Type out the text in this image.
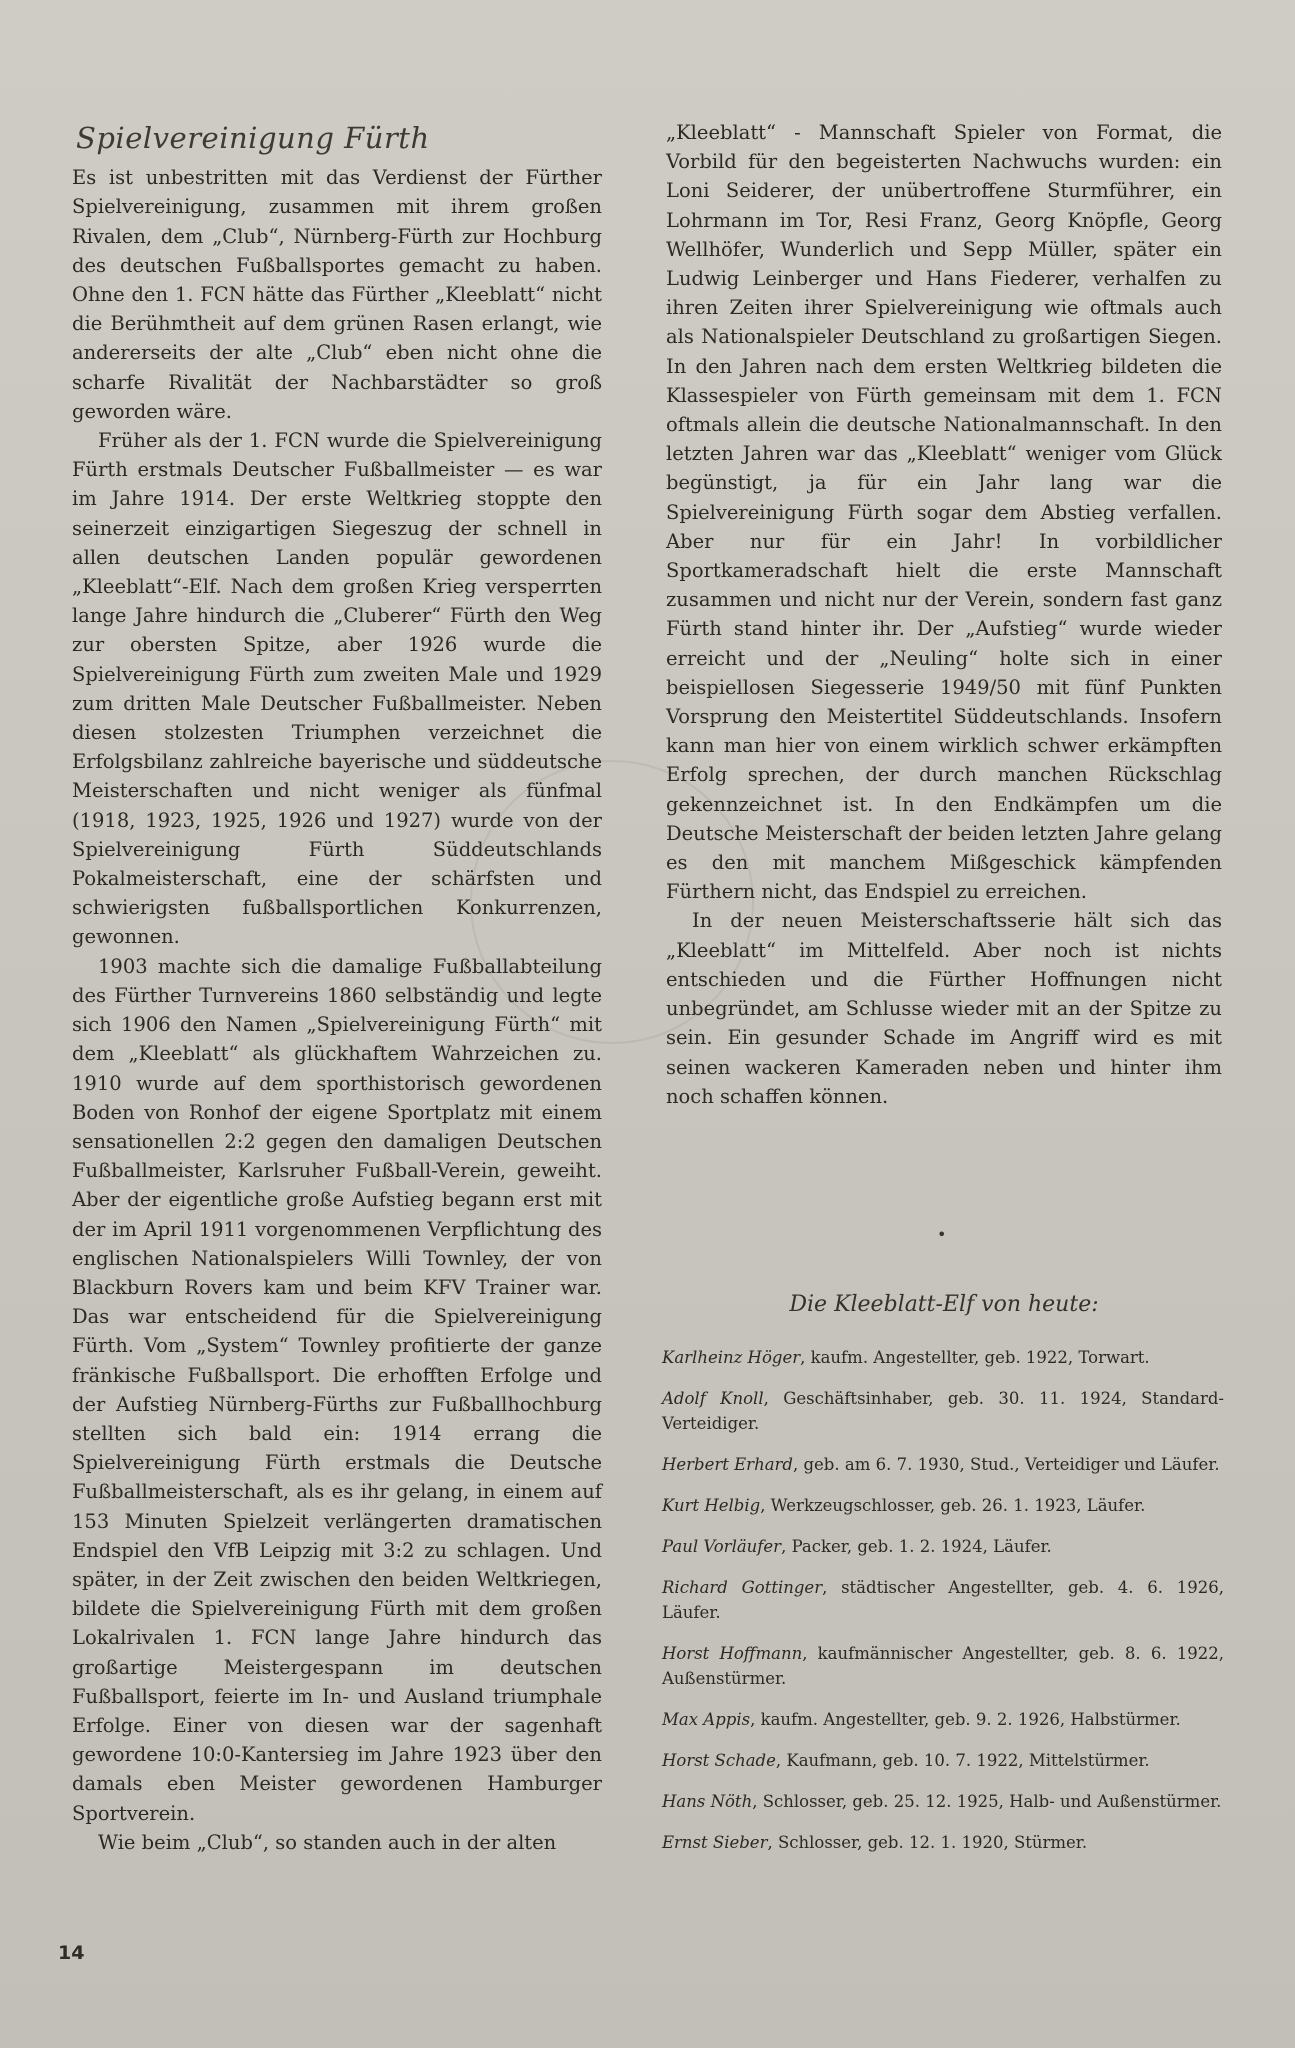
Spielvereinigung Fürth

Es ist unbestritten mit das Verdienst der Fürther Spielvereinigung, zusammen mit ihrem großen Rivalen, dem „Club“, Nürnberg-Fürth zur Hochburg des deutschen Fußballsportes gemacht zu haben. Ohne den 1. FCN hätte das Fürther „Kleeblatt“ nicht die Berühmtheit auf dem grünen Rasen erlangt, wie andererseits der alte „Club“ eben nicht ohne die scharfe Rivalität der Nachbarstädter so groß geworden wäre.

Früher als der 1. FCN wurde die Spielvereinigung Fürth erstmals Deutscher Fußballmeister — es war im Jahre 1914. Der erste Weltkrieg stoppte den seinerzeit einzigartigen Siegeszug der schnell in allen deutschen Landen populär gewordenen „Kleeblatt“-Elf. Nach dem großen Krieg versperrten lange Jahre hindurch die „Cluberer“ Fürth den Weg zur obersten Spitze, aber 1926 wurde die Spielvereinigung Fürth zum zweiten Male und 1929 zum dritten Male Deutscher Fußballmeister. Neben diesen stolzesten Triumphen verzeichnet die Erfolgsbilanz zahlreiche bayerische und süddeutsche Meisterschaften und nicht weniger als fünfmal (1918, 1923, 1925, 1926 und 1927) wurde von der Spielvereinigung Fürth Süddeutschlands Pokalmeisterschaft, eine der schärfsten und schwierigsten fußballsportlichen Konkurrenzen, gewonnen.

1903 machte sich die damalige Fußballabteilung des Fürther Turnvereins 1860 selbständig und legte sich 1906 den Namen „Spielvereinigung Fürth“ mit dem „Kleeblatt“ als glückhaftem Wahrzeichen zu. 1910 wurde auf dem sporthistorisch gewordenen Boden von Ronhof der eigene Sportplatz mit einem sensationellen 2:2 gegen den damaligen Deutschen Fußballmeister, Karlsruher Fußball-Verein, geweiht. Aber der eigentliche große Aufstieg begann erst mit der im April 1911 vorgenommenen Verpflichtung des englischen Nationalspielers Willi Townley, der von Blackburn Rovers kam und beim KFV Trainer war. Das war entscheidend für die Spielvereinigung Fürth. Vom „System“ Townley profitierte der ganze fränkische Fußballsport. Die erhofften Erfolge und der Aufstieg Nürnberg-Fürths zur Fußballhochburg stellten sich bald ein: 1914 errang die Spielvereinigung Fürth erstmals die Deutsche Fußballmeisterschaft, als es ihr gelang, in einem auf 153 Minuten Spielzeit verlängerten dramatischen Endspiel den VfB Leipzig mit 3:2 zu schlagen. Und später, in der Zeit zwischen den beiden Weltkriegen, bildete die Spielvereinigung Fürth mit dem großen Lokalrivalen 1. FCN lange Jahre hindurch das großartige Meistergespann im deutschen Fußballsport, feierte im In- und Ausland triumphale Erfolge. Einer von diesen war der sagenhaft gewordene 10:0-Kantersieg im Jahre 1923 über den damals eben Meister gewordenen Hamburger Sportverein.

Wie beim „Club“, so standen auch in der alten

„Kleeblatt“ - Mannschaft Spieler von Format, die Vorbild für den begeisterten Nachwuchs wurden: ein Loni Seiderer, der unübertroffene Sturmführer, ein Lohrmann im Tor, Resi Franz, Georg Knöpfle, Georg Wellhöfer, Wunderlich und Sepp Müller, später ein Ludwig Leinberger und Hans Fiederer, verhalfen zu ihren Zeiten ihrer Spielvereinigung wie oftmals auch als Nationalspieler Deutschland zu großartigen Siegen. In den Jahren nach dem ersten Weltkrieg bildeten die Klassespieler von Fürth gemeinsam mit dem 1. FCN oftmals allein die deutsche Nationalmannschaft. In den letzten Jahren war das „Kleeblatt“ weniger vom Glück begünstigt, ja für ein Jahr lang war die Spielvereinigung Fürth sogar dem Abstieg verfallen. Aber nur für ein Jahr! In vorbildlicher Sportkameradschaft hielt die erste Mannschaft zusammen und nicht nur der Verein, sondern fast ganz Fürth stand hinter ihr. Der „Aufstieg“ wurde wieder erreicht und der „Neuling“ holte sich in einer beispiellosen Siegesserie 1949/50 mit fünf Punkten Vorsprung den Meistertitel Süddeutschlands. Insofern kann man hier von einem wirklich schwer erkämpften Erfolg sprechen, der durch manchen Rückschlag gekennzeichnet ist. In den Endkämpfen um die Deutsche Meisterschaft der beiden letzten Jahre gelang es den mit manchem Mißgeschick kämpfenden Fürthern nicht, das Endspiel zu erreichen.

In der neuen Meisterschaftsserie hält sich das „Kleeblatt“ im Mittelfeld. Aber noch ist nichts entschieden und die Fürther Hoffnungen nicht unbegründet, am Schlusse wieder mit an der Spitze zu sein. Ein gesunder Schade im Angriff wird es mit seinen wackeren Kameraden neben und hinter ihm noch schaffen können.

•
Die Kleeblatt-Elf von heute:
Karlheinz Höger, kaufm. Angestellter, geb. 1922, Torwart.
Adolf Knoll, Geschäftsinhaber, geb. 30. 11. 1924, Standard-Verteidiger.
Herbert Erhard, geb. am 6. 7. 1930, Stud., Verteidiger und Läufer.
Kurt Helbig, Werkzeugschlosser, geb. 26. 1. 1923, Läufer.
Paul Vorläufer, Packer, geb. 1. 2. 1924, Läufer.
Richard Gottinger, städtischer Angestellter, geb. 4. 6. 1926, Läufer.
Horst Hoffmann, kaufmännischer Angestellter, geb. 8. 6. 1922, Außenstürmer.
Max Appis, kaufm. Angestellter, geb. 9. 2. 1926, Halbstürmer.
Horst Schade, Kaufmann, geb. 10. 7. 1922, Mittelstürmer.
Hans Nöth, Schlosser, geb. 25. 12. 1925, Halb- und Außenstürmer.
Ernst Sieber, Schlosser, geb. 12. 1. 1920, Stürmer.
14
